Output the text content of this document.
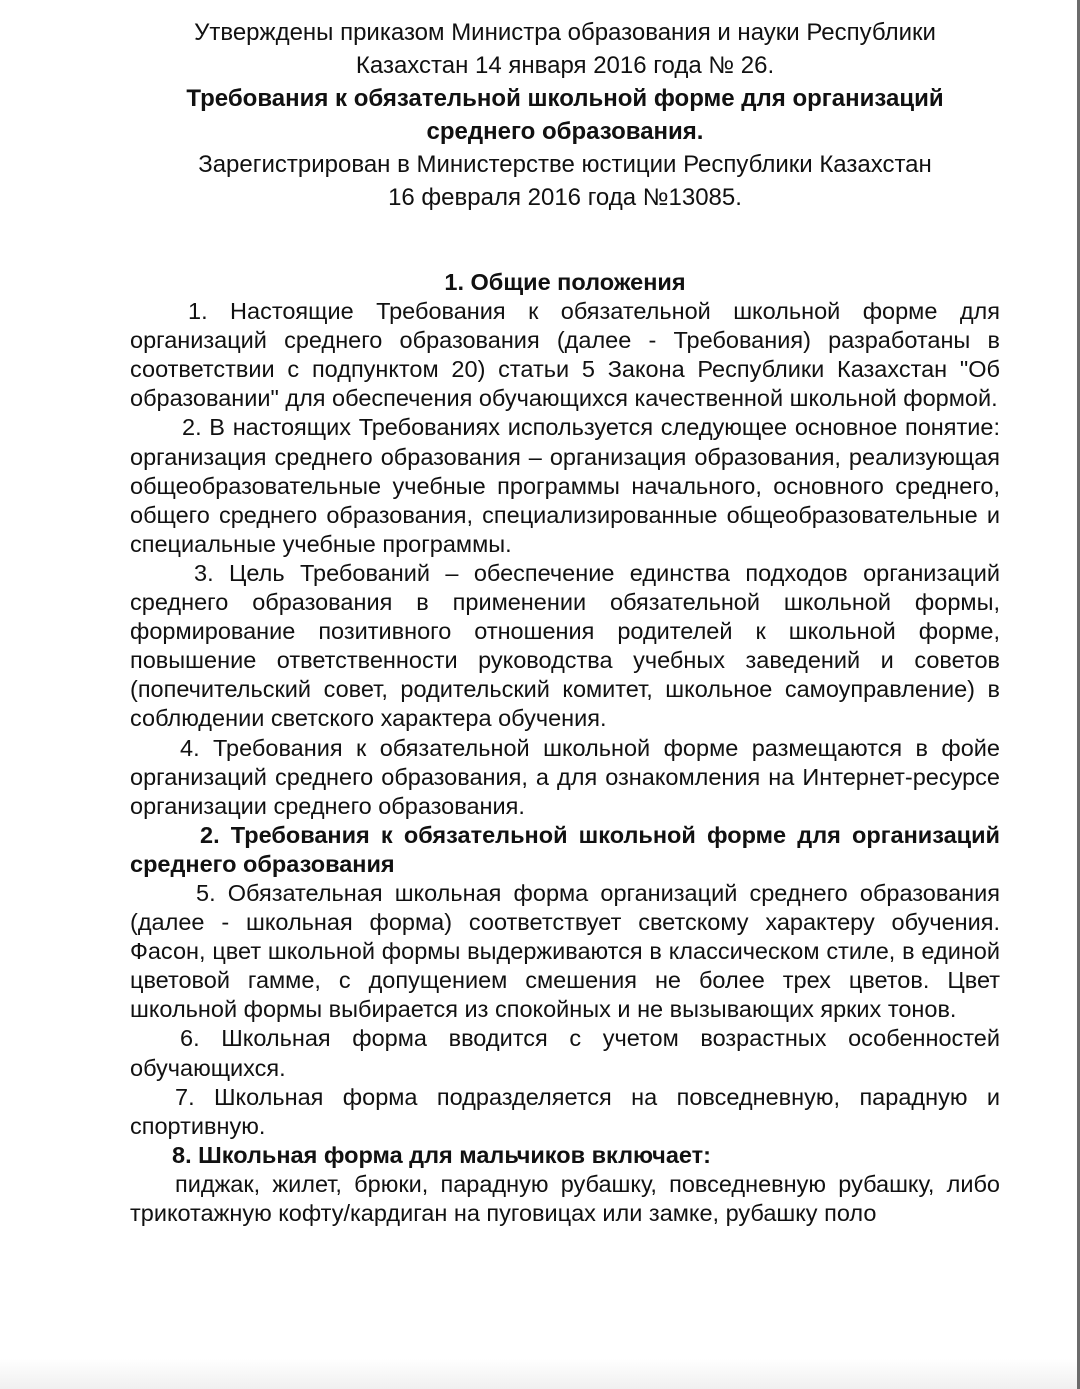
Утверждены приказом Министра образования и науки Республики
Казахстан 14 января 2016 года № 26.
Требования к обязательной школьной форме для организаций
среднего образования.
Зарегистрирован в Министерстве юстиции Республики Казахстан
16 февраля 2016 года №13085.

1. Общие положения

1. Настоящие Требования к обязательной школьной форме для организаций среднего образования (далее - Требования) разработаны в соответствии с подпунктом 20) статьи 5 Закона Республики Казахстан "Об образовании" для обеспечения обучающихся качественной школьной формой.

2. В настоящих Требованиях используется следующее основное понятие: организация среднего образования – организация образования, реализующая общеобразовательные учебные программы начального, основного среднего, общего среднего образования, специализированные общеобразовательные и специальные учебные программы.

3. Цель Требований – обеспечение единства подходов организаций среднего образования в применении обязательной школьной формы, формирование позитивного отношения родителей к школьной форме, повышение ответственности руководства учебных заведений и советов (попечительский совет, родительский комитет, школьное самоуправление) в соблюдении светского характера обучения.

4. Требования к обязательной школьной форме размещаются в фойе организаций среднего образования, а для ознакомления на Интернет-ресурсе организации среднего образования.

2. Требования к обязательной школьной форме для организаций среднего образования

5. Обязательная школьная форма организаций среднего образования (далее - школьная форма) соответствует светскому характеру обучения. Фасон, цвет школьной формы выдерживаются в классическом стиле, в единой цветовой гамме, с допущением смешения не более трех цветов. Цвет школьной формы выбирается из спокойных и не вызывающих ярких тонов.

6. Школьная форма вводится с учетом возрастных особенностей обучающихся.

7. Школьная форма подразделяется на повседневную, парадную и спортивную.

8. Школьная форма для мальчиков включает:

пиджак, жилет, брюки, парадную рубашку, повседневную рубашку, либо трикотажную кофту/кардиган на пуговицах или замке, рубашку поло
